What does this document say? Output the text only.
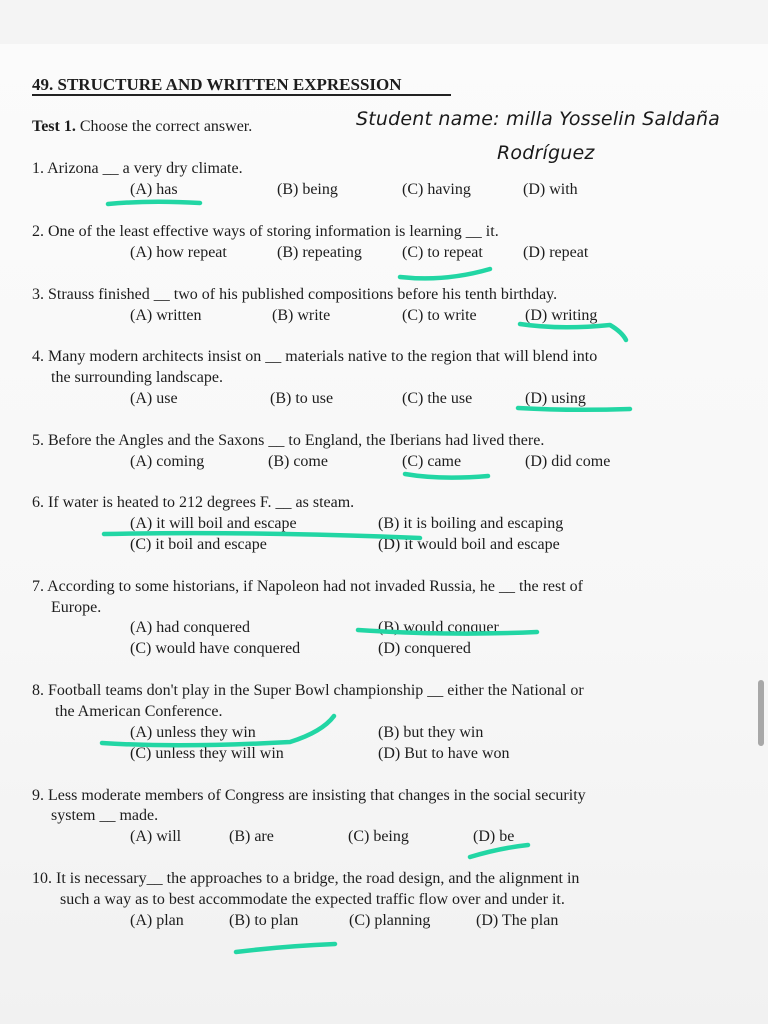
49. STRUCTURE AND WRITTEN EXPRESSION
Test 1. Choose the correct answer.	Student name: milla Yosselin Saldaña
Rodríguez
1. Arizona __ a very dry climate.
(A) has	(B) being	(C) having	(D) with
2. One of the least effective ways of storing information is learning __ it.
(A) how repeat	(B) repeating	(C) to repeat	(D) repeat
3. Strauss finished __ two of his published compositions before his tenth birthday.
(A) written	(B) write	(C) to write	(D) writing
4. Many modern architects insist on __ materials native to the region that will blend into
the surrounding landscape.
(A) use	(B) to use	(C) the use	(D) using
5. Before the Angles and the Saxons __ to England, the Iberians had lived there.
(A) coming	(B) come	(C) came	(D) did come
6. If water is heated to 212 degrees F. __ as steam.
(A) it will boil and escape	(B) it is boiling and escaping
(C) it boil and escape	(D) it would boil and escape
7. According to some historians, if Napoleon had not invaded Russia, he __ the rest of
Europe.
(A) had conquered	(B) would conquer
(C) would have conquered	(D) conquered
8. Football teams don't play in the Super Bowl championship __ either the National or
the American Conference.
(A) unless they win	(B) but they win
(C) unless they will win	(D) But to have won
9. Less moderate members of Congress are insisting that changes in the social security
system __ made.
(A) will	(B) are	(C) being	(D) be
10. It is necessary__ the approaches to a bridge, the road design, and the alignment in
such a way as to best accommodate the expected traffic flow over and under it.
(A) plan	(B) to plan	(C) planning	(D) The plan
